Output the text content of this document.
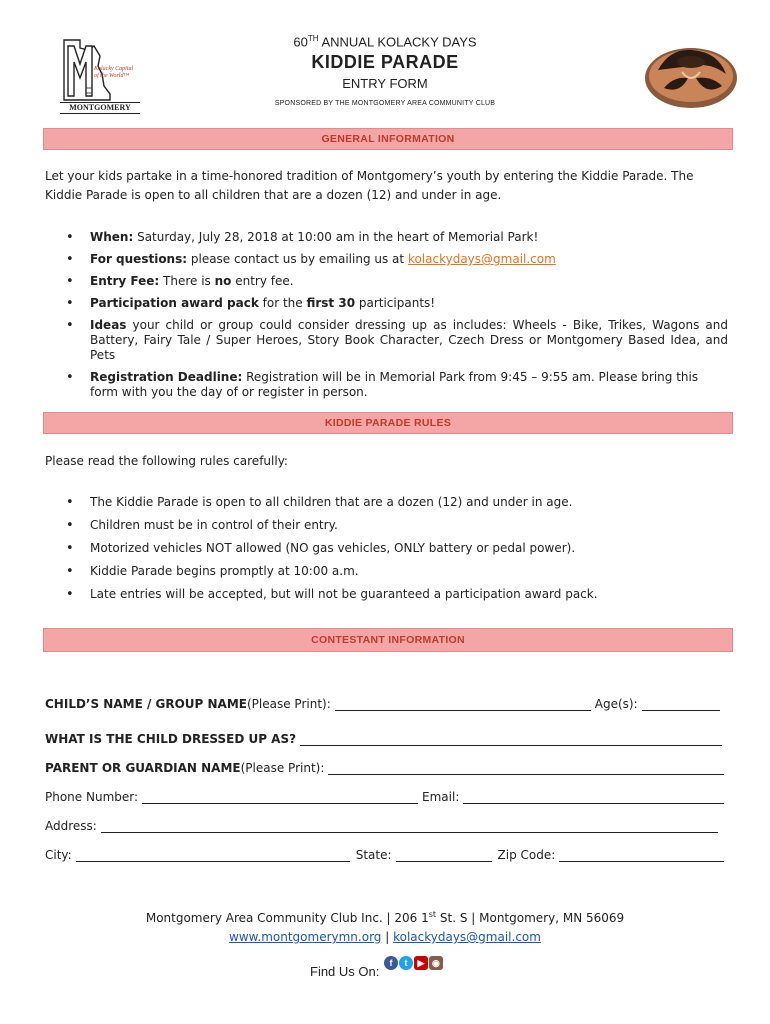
Kolacky Capital
of the World™
MONTGOMERY
60TH ANNUAL KOLACKY DAYS
KIDDIE PARADE
ENTRY FORM
SPONSORED BY THE MONTGOMERY AREA COMMUNITY CLUB
GENERAL INFORMATION
Let your kids partake in a time-honored tradition of Montgomery’s youth by entering the Kiddie Parade. The Kiddie Parade is open to all children that are a dozen (12) and under in age.
• When: Saturday, July 28, 2018 at 10:00 am in the heart of Memorial Park!
• For questions: please contact us by emailing us at kolackydays@gmail.com
• Entry Fee: There is no entry fee.
• Participation award pack for the first 30 participants!
• Ideas your child or group could consider dressing up as includes: Wheels - Bike, Trikes, Wagons and Battery, Fairy Tale / Super Heroes, Story Book Character, Czech Dress or Montgomery Based Idea, and Pets
• Registration Deadline: Registration will be in Memorial Park from 9:45 – 9:55 am. Please bring this form with you the day of or register in person.
KIDDIE PARADE RULES
Please read the following rules carefully:
• The Kiddie Parade is open to all children that are a dozen (12) and under in age.
• Children must be in control of their entry.
• Motorized vehicles NOT allowed (NO gas vehicles, ONLY battery or pedal power).
• Kiddie Parade begins promptly at 10:00 a.m.
• Late entries will be accepted, but will not be guaranteed a participation award pack.
CONTESTANT INFORMATION
CHILD’S NAME / GROUP NAME (Please Print):	Age(s):
WHAT IS THE CHILD DRESSED UP AS?
PARENT OR GUARDIAN NAME (Please Print):
Phone Number:	Email:
Address:
City:	State:	Zip Code:
Montgomery Area Community Club Inc. | 206 1st St. S | Montgomery, MN 56069
www.montgomerymn.org | kolackydays@gmail.com
Find Us On: f t ▶ ◉
